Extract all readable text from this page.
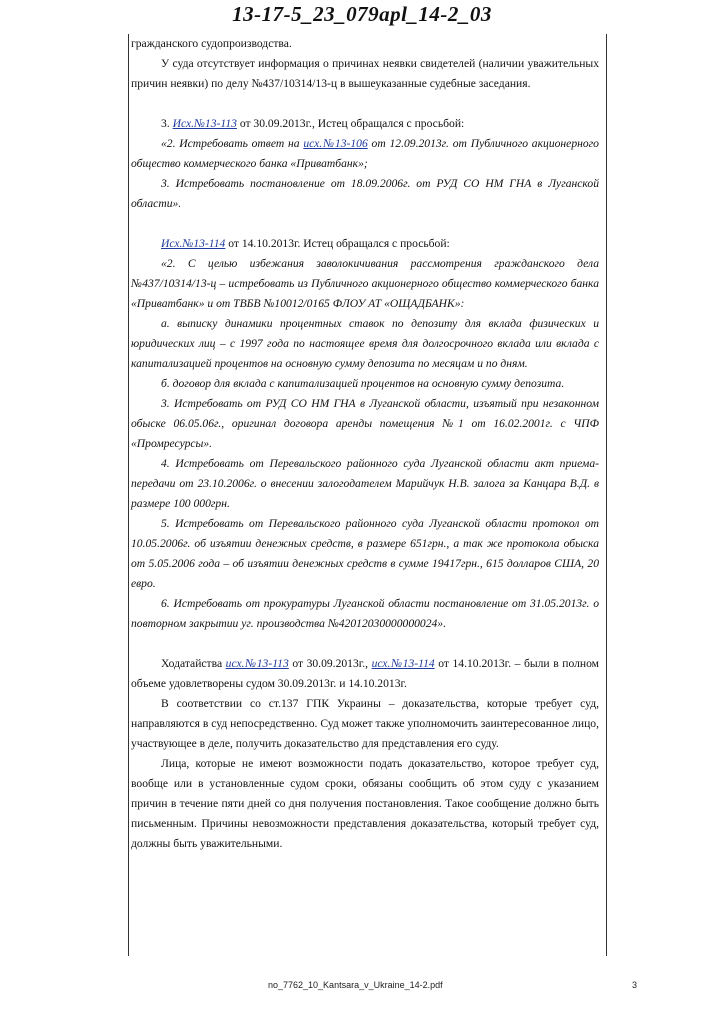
13-17-5_23_079apl_14-2_03

гражданского судопроизводства.

У суда отсутствует информация о причинах неявки свидетелей (наличии уважительных причин неявки) по делу №437/10314/13-ц в вышеуказанные судебные заседания.

3. Исх.№13-113 от 30.09.2013г., Истец обращался с просьбой:

«2. Истребовать ответ на исх.№13-106 от 12.09.2013г. от Публичного акционерного общество коммерческого банка «Приватбанк»;

3. Истребовать постановление от 18.09.2006г. от РУД СО НМ ГНА в Луганской области».

Исх.№13-114 от 14.10.2013г. Истец обращался с просьбой:

«2. С целью избежания заволокичивания рассмотрения гражданского дела №437/10314/13-ц – истребовать из Публичного акционерного общество коммерческого банка «Приватбанк» и от ТВБВ №10012/0165 ФЛОУ АТ «ОЩАДБАНК»:

а. выписку динамики процентных ставок по депозиту для вклада физических и юридических лиц – с 1997 года по настоящее время для долгосрочного вклада или вклада с капитализацией процентов на основную сумму депозита по месяцам и по дням.

б. договор для вклада с капитализацией процентов на основную сумму депозита.

3. Истребовать от РУД СО НМ ГНА в Луганской области, изъятый при незаконном обыске 06.05.06г., оригинал договора аренды помещения №1 от 16.02.2001г. с ЧПФ «Промресурсы».

4. Истребовать от Перевальского районного суда Луганской области акт приема-передачи от 23.10.2006г. о внесении залогодателем Марийчук Н.В. залога за Канцара В.Д. в размере 100 000грн.

5. Истребовать от Перевальского районного суда Луганской области протокол от 10.05.2006г. об изъятии денежных средств, в размере 651грн., а так же протокола обыска от 5.05.2006 года – об изъятии денежных средств в сумме 19417грн., 615 долларов США, 20 евро.

6. Истребовать от прокуратуры Луганской области постановление от 31.05.2013г. о повторном закрытии уг. производства №42012030000000024».

Ходатайства исх.№13-113 от 30.09.2013г., исх.№13-114 от 14.10.2013г. – были в полном объеме удовлетворены судом 30.09.2013г. и 14.10.2013г.

В соответствии со ст.137 ГПК Украины – доказательства, которые требует суд, направляются в суд непосредственно. Суд может также уполномочить заинтересованное лицо, участвующее в деле, получить доказательство для представления его суду.

Лица, которые не имеют возможности подать доказательство, которое требует суд, вообще или в установленные судом сроки, обязаны сообщить об этом суду с указанием причин в течение пяти дней со дня получения постановления. Такое сообщение должно быть письменным. Причины невозможности представления доказательства, который требует суд, должны быть уважительными.

no_7762_10_Kantsara_v_Ukraine_14-2.pdf	3
